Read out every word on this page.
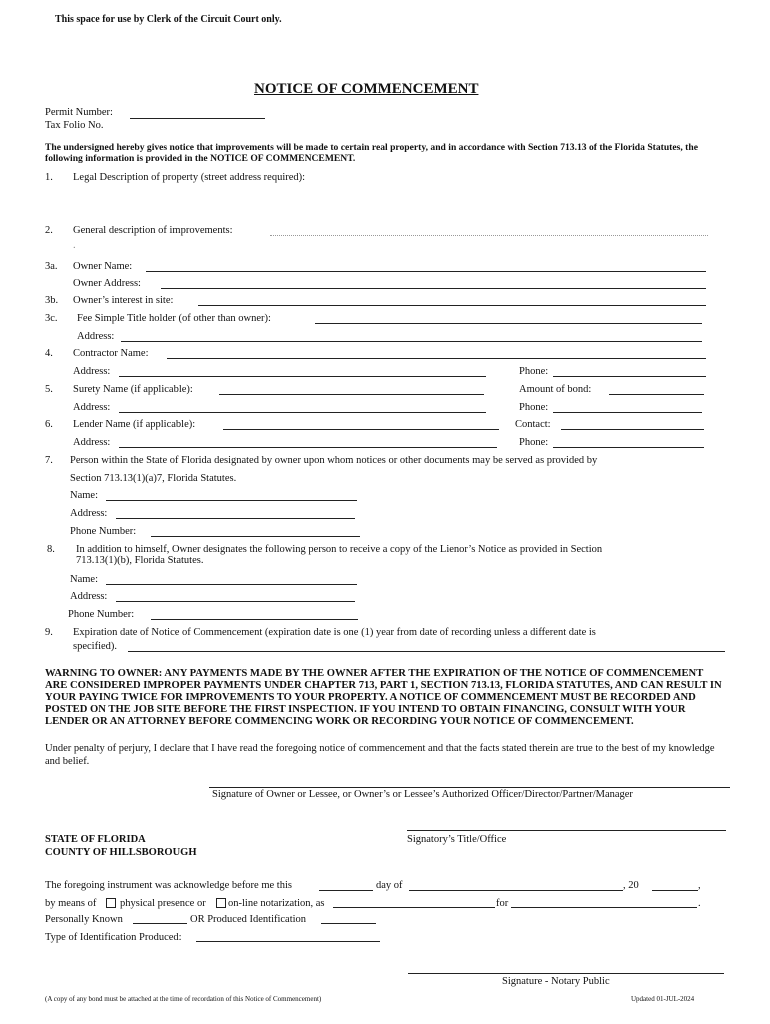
This space for use by Clerk of the Circuit Court only.
NOTICE OF COMMENCEMENT
Permit Number:
Tax Folio No.
The undersigned hereby gives notice that improvements will be made to certain real property, and in accordance with Section 713.13 of the Florida Statutes, the following information is provided in the NOTICE OF COMMENCEMENT.
1. Legal Description of property (street address required):
2. General description of improvements:
.
3a. Owner Name:
Owner Address:
3b. Owner’s interest in site:
3c. Fee Simple Title holder (of other than owner):
Address:
4. Contractor Name:
Address:	Phone:
5. Surety Name (if applicable):	Amount of bond:
Address:	Phone:
6. Lender Name (if applicable):	Contact:
Address:	Phone:
7. Person within the State of Florida designated by owner upon whom notices or other documents may be served as provided by
Section 713.13(1)(a)7, Florida Statutes.
Name:
Address:
Phone Number:
8. In addition to himself, Owner designates the following person to receive a copy of the Lienor’s Notice as provided in Section
713.13(1)(b), Florida Statutes.
Name:
Address:
Phone Number:
9. Expiration date of Notice of Commencement (expiration date is one (1) year from date of recording unless a different date is
specified).
WARNING TO OWNER: ANY PAYMENTS MADE BY THE OWNER AFTER THE EXPIRATION OF THE NOTICE OF COMMENCEMENT ARE CONSIDERED IMPROPER PAYMENTS UNDER CHAPTER 713, PART 1, SECTION 713.13, FLORIDA STATUTES, AND CAN RESULT IN YOUR PAYING TWICE FOR IMPROVEMENTS TO YOUR PROPERTY. A NOTICE OF COMMENCEMENT MUST BE RECORDED AND POSTED ON THE JOB SITE BEFORE THE FIRST INSPECTION. IF YOU INTEND TO OBTAIN FINANCING, CONSULT WITH YOUR LENDER OR AN ATTORNEY BEFORE COMMENCING WORK OR RECORDING YOUR NOTICE OF COMMENCEMENT.
Under penalty of perjury, I declare that I have read the foregoing notice of commencement and that the facts stated therein are true to the best of my knowledge and belief.
Signature of Owner or Lessee, or Owner’s or Lessee’s Authorized Officer/Director/Partner/Manager
STATE OF FLORIDA
COUNTY OF HILLSBOROUGH
Signatory’s Title/Office
The foregoing instrument was acknowledge before me this	day of	, 20	,
by means of physical presence or on-line notarization, as	for	.
Personally Known	OR Produced Identification
Type of Identification Produced:
Signature - Notary Public
(A copy of any bond must be attached at the time of recordation of this Notice of Commencement)	Updated 01-JUL-2024
